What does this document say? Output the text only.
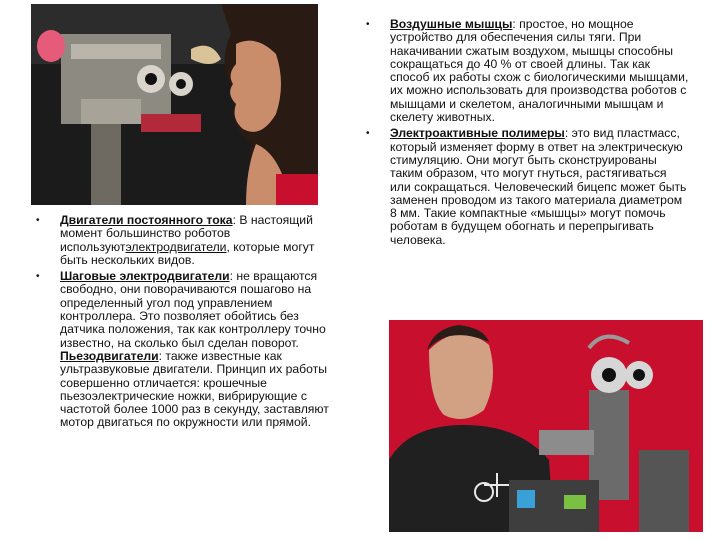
• Двигатели постоянного тока: В настоящий момент большинство роботов используютэлектродвигатели, которые могут быть нескольких видов.

• Шаговые электродвигатели: не вращаются свободно, они поворачиваются пошагово на определенный угол под управлением контроллера. Это позволяет обойтись без датчика положения, так как контроллеру точно известно, на сколько был сделан поворот. Пьезодвигатели: также известные как ультразвуковые двигатели. Принцип их работы совершенно отличается: крошечные пьезоэлектрические ножки, вибрирующие с частотой более 1000 раз в секунду, заставляют мотор двигаться по окружности или прямой.

• Воздушные мышцы: простое, но мощное устройство для обеспечения силы тяги. При накачивании сжатым воздухом, мышцы способны сокращаться до 40 % от своей длины. Так как способ их работы схож с биологическими мышцами, их можно использовать для производства роботов с мышцами и скелетом, аналогичными мышцам и скелету животных.

• Электроактивные полимеры: это вид пластмасс, который изменяет форму в ответ на электрическую стимуляцию. Они могут быть сконструированы таким образом, что могут гнуться, растягиваться или сокращаться. Человеческий бицепс может быть заменен проводом из такого материала диаметром 8 мм. Такие компактные «мышцы» могут помочь роботам в будущем обогнать и перепрыгивать человека.
